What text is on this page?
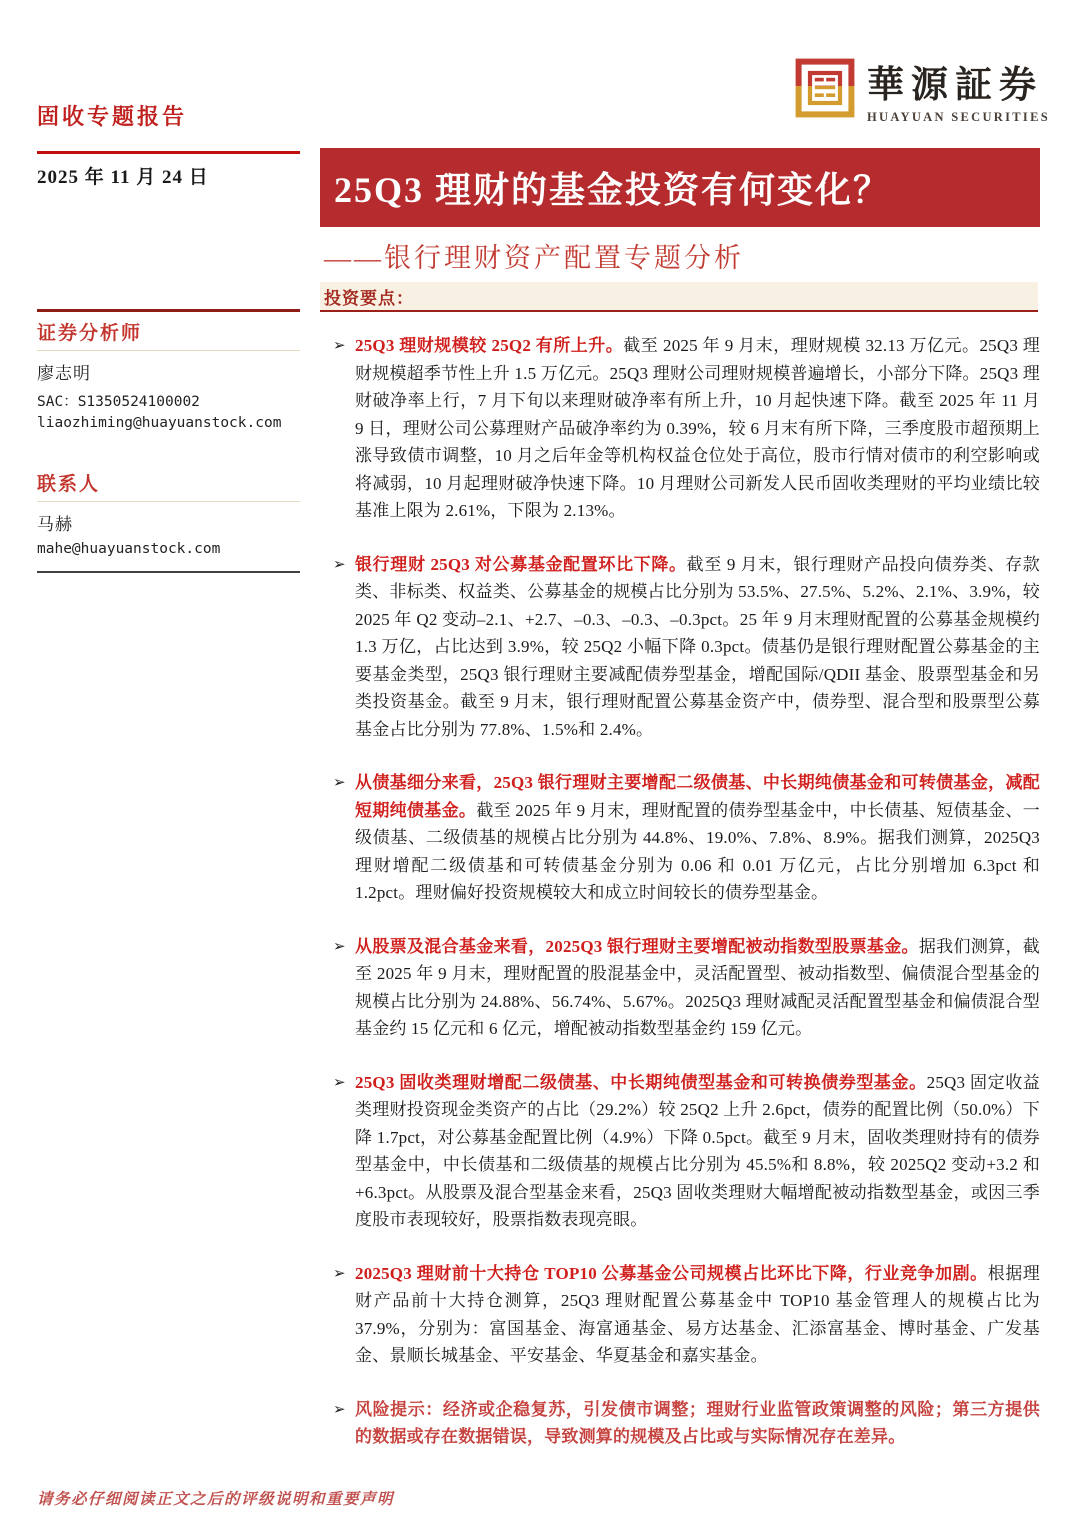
固收专题报告
2025 年 11 月 24 日
華源証券
HUAYUAN SECURITIES
25Q3 理财的基金投资有何变化？
——银行理财资产配置专题分析
投资要点：
证券分析师
廖志明
SAC：S1350524100002
liaozhiming@huayuanstock.com
联系人
马赫
mahe@huayuanstock.com
➢ 25Q3 理财规模较 25Q2 有所上升。截至 2025 年 9 月末，理财规模 32.13 万亿元。25Q3 理财规模超季节性上升 1.5 万亿元。25Q3 理财公司理财规模普遍增长，小部分下降。25Q3 理财破净率上行，7 月下旬以来理财破净率有所上升，10 月起快速下降。截至 2025 年 11 月 9 日，理财公司公募理财产品破净率约为 0.39%，较 6 月末有所下降，三季度股市超预期上涨导致债市调整，10 月之后年金等机构权益仓位处于高位，股市行情对债市的利空影响或将减弱，10 月起理财破净快速下降。10 月理财公司新发人民币固收类理财的平均业绩比较基准上限为 2.61%，下限为 2.13%。

➢ 银行理财 25Q3 对公募基金配置环比下降。截至 9 月末，银行理财产品投向债券类、存款类、非标类、权益类、公募基金的规模占比分别为 53.5%、27.5%、5.2%、2.1%、3.9%，较 2025 年 Q2 变动–2.1、+2.7、–0.3、–0.3、–0.3pct。25 年 9 月末理财配置的公募基金规模约 1.3 万亿，占比达到 3.9%，较 25Q2 小幅下降 0.3pct。债基仍是银行理财配置公募基金的主要基金类型，25Q3 银行理财主要减配债券型基金，增配国际/QDII 基金、股票型基金和另类投资基金。截至 9 月末，银行理财配置公募基金资产中，债券型、混合型和股票型公募基金占比分别为 77.8%、1.5%和 2.4%。

➢ 从债基细分来看，25Q3 银行理财主要增配二级债基、中长期纯债基金和可转债基金，减配短期纯债基金。截至 2025 年 9 月末，理财配置的债券型基金中，中长债基、短债基金、一级债基、二级债基的规模占比分别为 44.8%、19.0%、7.8%、8.9%。据我们测算，2025Q3 理财增配二级债基和可转债基金分别为 0.06 和 0.01 万亿元，占比分别增加 6.3pct 和 1.2pct。理财偏好投资规模较大和成立时间较长的债券型基金。

➢ 从股票及混合基金来看，2025Q3 银行理财主要增配被动指数型股票基金。据我们测算，截至 2025 年 9 月末，理财配置的股混基金中，灵活配置型、被动指数型、偏债混合型基金的规模占比分别为 24.88%、56.74%、5.67%。2025Q3 理财减配灵活配置型基金和偏债混合型基金约 15 亿元和 6 亿元，增配被动指数型基金约 159 亿元。

➢ 25Q3 固收类理财增配二级债基、中长期纯债型基金和可转换债券型基金。25Q3 固定收益类理财投资现金类资产的占比（29.2%）较 25Q2 上升 2.6pct，债券的配置比例（50.0%）下降 1.7pct，对公募基金配置比例（4.9%）下降 0.5pct。截至 9 月末，固收类理财持有的债券型基金中，中长债基和二级债基的规模占比分别为 45.5%和 8.8%，较 2025Q2 变动+3.2 和+6.3pct。从股票及混合型基金来看，25Q3 固收类理财大幅增配被动指数型基金，或因三季度股市表现较好，股票指数表现亮眼。

➢ 2025Q3 理财前十大持仓 TOP10 公募基金公司规模占比环比下降，行业竞争加剧。根据理财产品前十大持仓测算，25Q3 理财配置公募基金中 TOP10 基金管理人的规模占比为 37.9%，分别为：富国基金、海富通基金、易方达基金、汇添富基金、博时基金、广发基金、景顺长城基金、平安基金、华夏基金和嘉实基金。

➢ 风险提示：经济或企稳复苏，引发债市调整；理财行业监管政策调整的风险；第三方提供的数据或存在数据错误，导致测算的规模及占比或与实际情况存在差异。

请务必仔细阅读正文之后的评级说明和重要声明
